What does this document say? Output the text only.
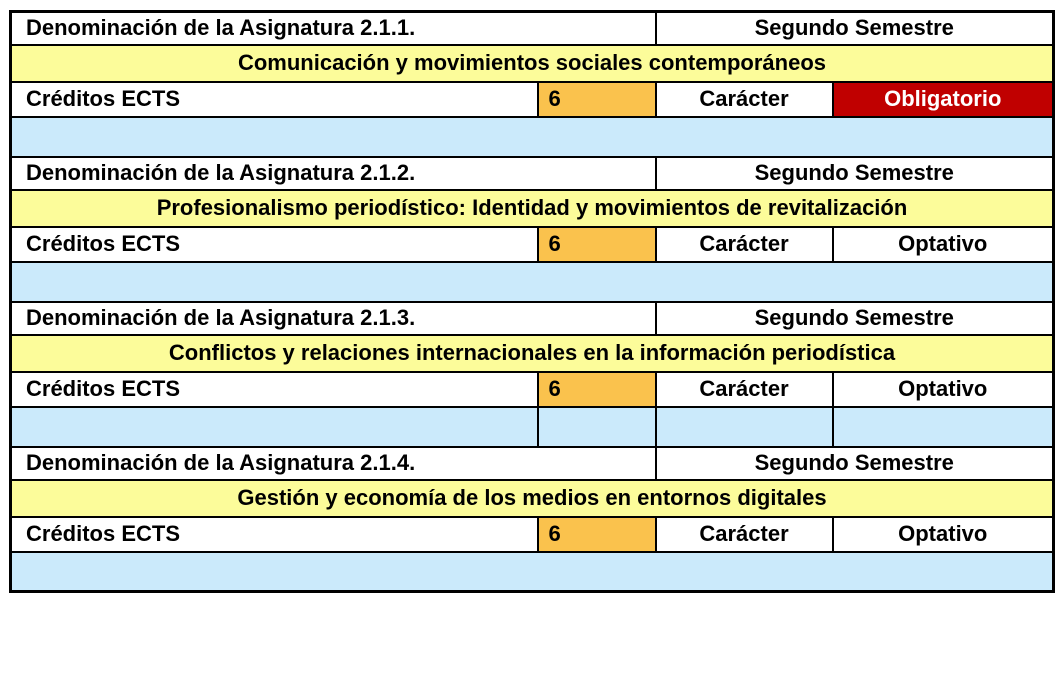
Denominación de la Asignatura 2.1.1.		Segundo Semestre	
Comunicación y movimientos sociales contemporáneos			
Créditos ECTS	6	Carácter	Obligatorio

Denominación de la Asignatura 2.1.2.		Segundo Semestre	
Profesionalismo periodístico: Identidad y movimientos de revitalización			
Créditos ECTS	6	Carácter	Optativo

Denominación de la Asignatura 2.1.3.		Segundo Semestre	
Conflictos y relaciones internacionales en la información periodística			
Créditos ECTS	6	Carácter	Optativo

Denominación de la Asignatura 2.1.4.		Segundo Semestre	
Gestión y economía de los medios en entornos digitales			
Créditos ECTS	6	Carácter	Optativo
